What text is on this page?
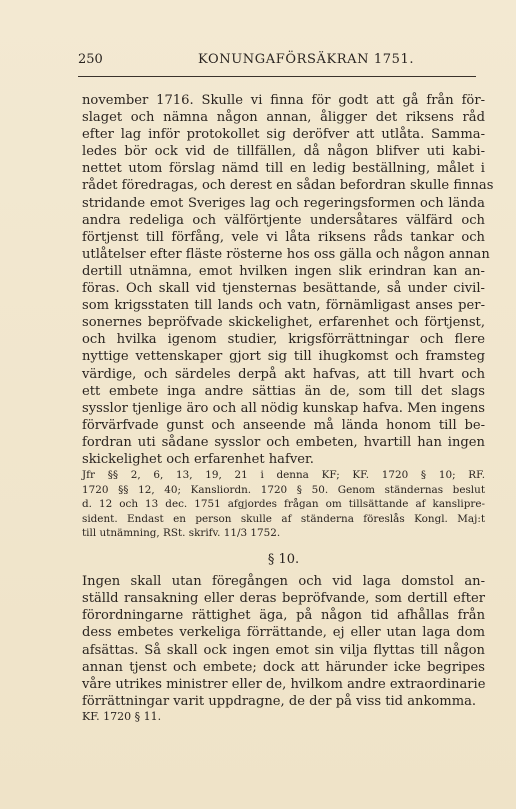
250	KONUNGAFÖRSÄKRAN 1751.

november 1716. Skulle vi finna för godt att gå från för-
slaget och nämna någon annan, åligger det riksens råd
efter lag inför protokollet sig deröfver att utlåta. Samma-
ledes bör ock vid de tillfällen, då någon blifver uti kabi-
nettet utom förslag nämd till en ledig beställning, målet i
rådet föredragas, och derest en sådan befordran skulle finnas
stridande emot Sveriges lag och regeringsformen och lända
andra redeliga och välförtjente undersåtares välfärd och
förtjenst till förfång, vele vi låta riksens råds tankar och
utlåtelser efter fläste rösterne hos oss gälla och någon annan
dertill utnämna, emot hvilken ingen slik erindran kan an-
föras. Och skall vid tjensternas besättande, så under civil-
som krigsstaten till lands och vatn, förnämligast anses per-
sonernes bepröfvade skickelighet, erfarenhet och förtjenst,
och hvilka igenom studier, krigsförrättningar och flere
nyttige vettenskaper gjort sig till ihugkomst och framsteg
värdige, och särdeles derpå akt hafvas, att till hvart och
ett embete inga andre sättias än de, som till det slags
sysslor tjenlige äro och all nödig kunskap hafva. Men ingens
förvärfvade gunst och anseende må lända honom till be-
fordran uti sådane sysslor och embeten, hvartill han ingen
skickelighet och erfarenhet hafver.

Jfr §§ 2, 6, 13, 19, 21 i denna KF; KF. 1720 § 10; RF.
1720 §§ 12, 40; Kansliordn. 1720 § 50. Genom ständernas beslut
d. 12 och 13 dec. 1751 afgjordes frågan om tillsättande af kanslipre-
sident. Endast en person skulle af ständerna föreslås Kongl. Maj:t
till utnämning, RSt. skrifv. 11/3 1752.

§ 10.

Ingen skall utan föregången och vid laga domstol an-
ställd ransakning eller deras bepröfvande, som dertill efter
förordningarne rättighet äga, på någon tid afhållas från
dess embetes verkeliga förrättande, ej eller utan laga dom
afsättas. Så skall ock ingen emot sin vilja flyttas till någon
annan tjenst och embete; dock att härunder icke begripes
våre utrikes ministrer eller de, hvilkom andre extraordinarie
förrättningar varit uppdragne, de der på viss tid ankomma.

KF. 1720 § 11.
